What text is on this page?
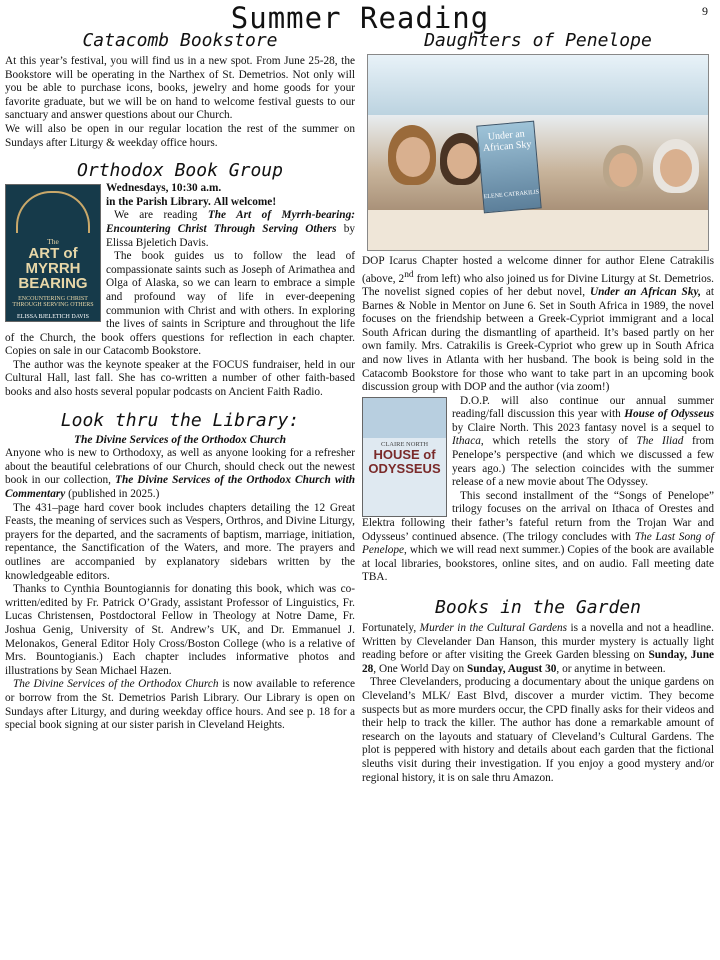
9
Summer Reading
Catacomb Bookstore

At this year’s festival, you will find us in a new spot. From June 25-28, the Bookstore will be operating in the Narthex of St. Demetrios. Not only will you be able to purchase icons, books, jewelry and home goods for your favorite graduate, but we will be on hand to welcome festival guests to our sanctuary and answer questions about our Church.

We will also be open in our regular location the rest of the summer on Sundays after Liturgy & weekday office hours.

Orthodox Book Group
The
ART of MYRRH BEARING
ENCOUNTERING CHRIST THROUGH SERVING OTHERS
ELISSA BJELETICH DAVIS

Wednesdays, 10:30 a.m.
in the Parish Library. All welcome!

We are reading The Art of Myrrh-bearing: Encountering Christ Through Serving Others by Elissa Bjeletich Davis.

The book guides us to follow the lead of compassionate saints such as Joseph of Arimathea and Olga of Alaska, so we can learn to embrace a simple and profound way of life in ever-deepening communion with Christ and with others. In exploring the lives of saints in Scripture and throughout the life of the Church, the book offers questions for reflection in each chapter. Copies on sale in our Catacomb Bookstore.

The author was the keynote speaker at the FOCUS fundraiser, held in our Cultural Hall, last fall. She has co-written a number of other faith-based books and also hosts several popular podcasts on Ancient Faith Radio.

Look thru the Library:

The Divine Services of the Orthodox Church

Anyone who is new to Orthodoxy, as well as anyone looking for a refresher about the beautiful celebrations of our Church, should check out the newest book in our collection, The Divine Services of the Orthodox Church with Commentary (published in 2025.)

The 431–page hard cover book includes chapters detailing the 12 Great Feasts, the meaning of services such as Vespers, Orthros, and Divine Liturgy, prayers for the departed, and the sacraments of baptism, marriage, initiation, repentance, the Sanctification of the Waters, and more. The prayers and outlines are accompanied by explanatory sidebars written by the knowledgeable editors.

Thanks to Cynthia Bountogiannis for donating this book, which was co-written/edited by Fr. Patrick O’Grady, assistant Professor of Linguistics, Fr. Lucas Christensen, Postdoctoral Fellow in Theology at Notre Dame, Fr. Joshua Genig, University of St. Andrew’s UK, and Dr. Emmanuel J. Melonakos, General Editor Holy Cross/Boston College (who is a relative of Mrs. Bountogianis.) Each chapter includes informative photos and illustrations by Sean Michael Hazen.

The Divine Services of the Orthodox Church is now available to reference or borrow from the St. Demetrios Parish Library. Our Library is open on Sundays after Liturgy, and during weekday office hours. And see p. 18 for a special book signing at our sister parish in Cleveland Heights.

Daughters of Penelope
Under an African Sky
ELENE CATRAKILIS

DOP Icarus Chapter hosted a welcome dinner for author Elene Catrakilis (above, 2nd from left) who also joined us for Divine Liturgy at St. Demetrios. The novelist signed copies of her debut novel, Under an African Sky, at Barnes & Noble in Mentor on June 6. Set in South Africa in 1989, the novel focuses on the friendship between a Greek-Cypriot immigrant and a local South African during the dismantling of apartheid. It’s based partly on her own family. Mrs. Catrakilis is Greek-Cypriot who grew up in South Africa and now lives in Atlanta with her husband. The book is being sold in the Catacomb Bookstore for those who want to take part in an upcoming book discussion group with DOP and the author (via zoom!)

CLAIRE NORTH
HOUSE of ODYSSEUS

D.O.P. will also continue our annual summer reading/fall discussion this year with House of Odysseus by Claire North. This 2023 fantasy novel is a sequel to Ithaca, which retells the story of The Iliad from Penelope’s perspective (and which we discussed a few years ago.) The selection coincides with the summer release of a new movie about The Odyssey.

This second installment of the “Songs of Penelope” trilogy focuses on the arrival on Ithaca of Orestes and Elektra following their father’s fateful return from the Trojan War and Odysseus’ continued absence. (The trilogy concludes with The Last Song of Penelope, which we will read next summer.) Copies of the book are available at local libraries, bookstores, online sites, and on audio. Fall meeting date TBA.

Books in the Garden

Fortunately, Murder in the Cultural Gardens is a novella and not a headline. Written by Clevelander Dan Hanson, this murder mystery is actually light reading before or after visiting the Greek Garden blessing on Sunday, June 28, One World Day on Sunday, August 30, or anytime in between.

Three Clevelanders, producing a documentary about the unique gardens on Cleveland’s MLK/ East Blvd, discover a murder victim. They become suspects but as more murders occur, the CPD finally asks for their videos and their help to track the killer. The author has done a remarkable amount of research on the layouts and statuary of Cleveland’s Cultural Gardens. The plot is peppered with history and details about each garden that the fictional sleuths visit during their investigation. If you enjoy a good mystery and/or regional history, it is on sale thru Amazon.
